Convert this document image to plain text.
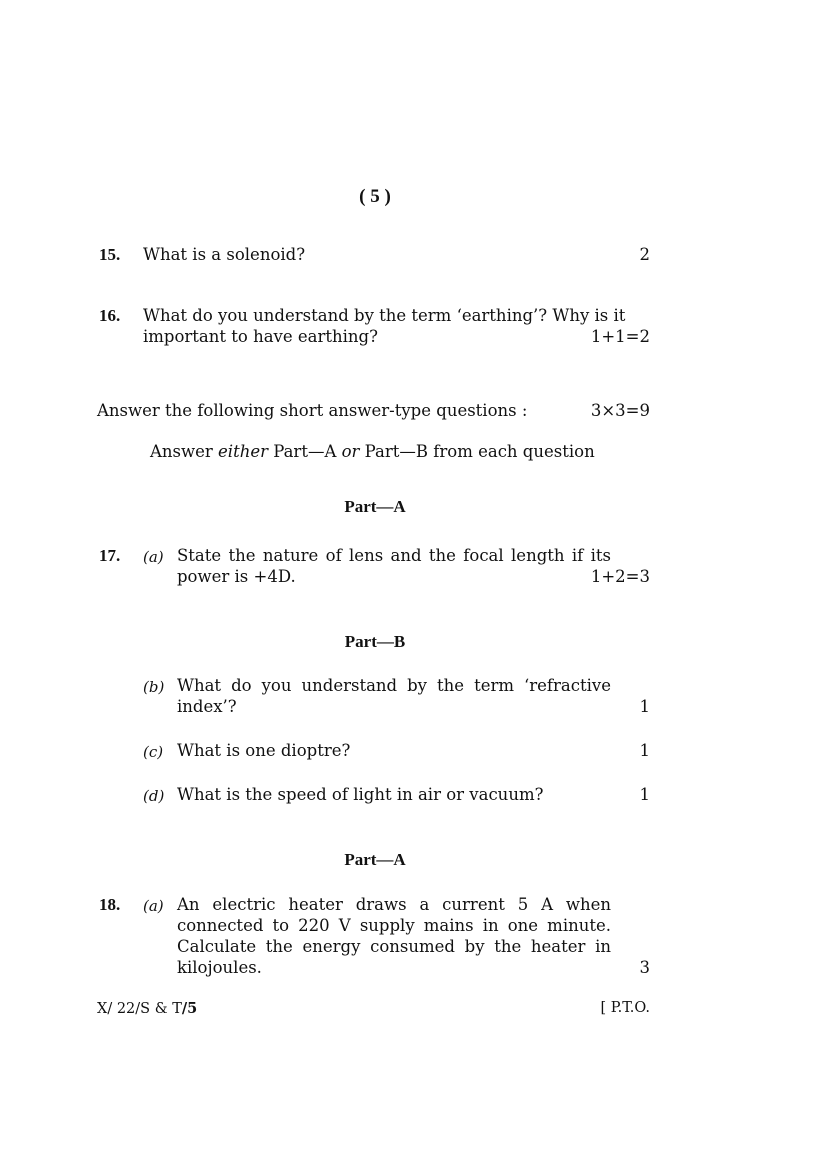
( 5 )
15. What is a solenoid?	2
16. What do you understand by the term ‘earthing’? Why is it
important to have earthing?	1+1=2
Answer the following short answer-type questions :	3×3=9
Answer either Part—A or Part—B from each question
Part—A
17. (a) State the nature of lens and the focal length if its
power is +4D.	1+2=3
Part—B
(b) What do you understand by the term ‘refractive
index’?	1
(c) What is one dioptre?	1
(d) What is the speed of light in air or vacuum?	1
Part—A
18. (a) An electric heater draws a current 5 A when
connected to 220 V supply mains in one minute.
Calculate the energy consumed by the heater in
kilojoules.	3
X/ 22/S & T/5	[ P.T.O.
